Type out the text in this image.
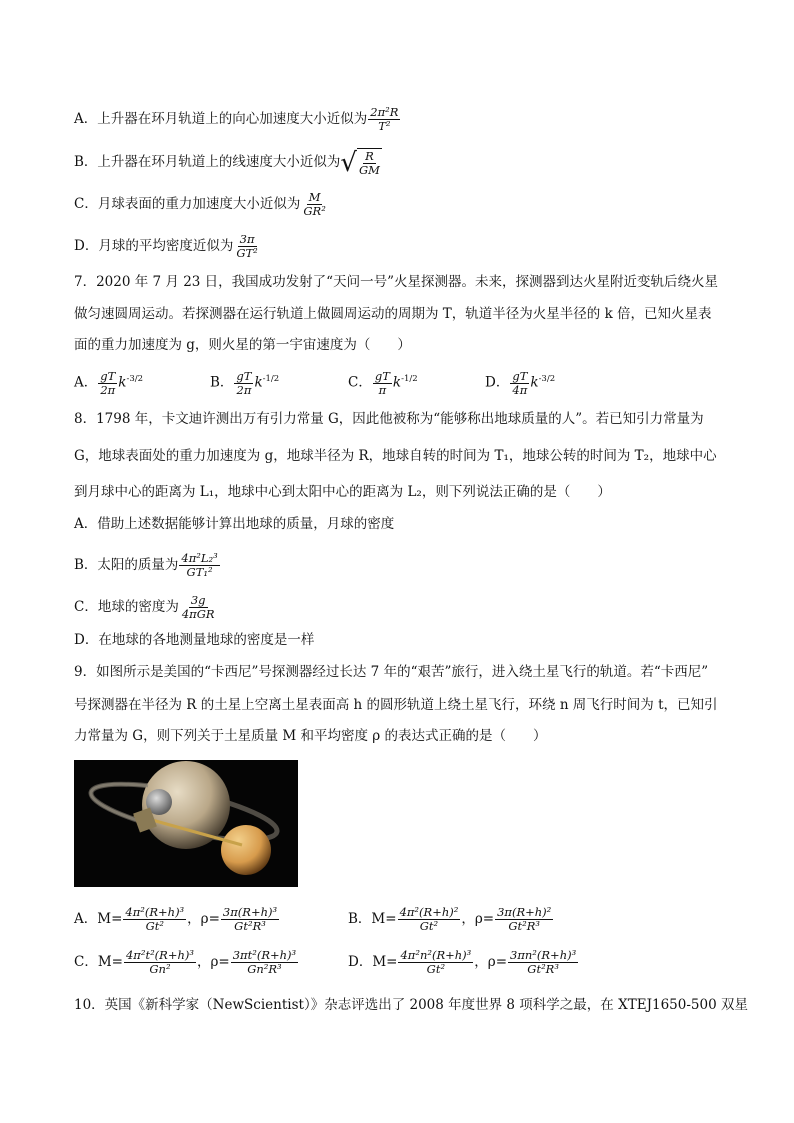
A．上升器在环月轨道上的向心加速度大小近似为 $\frac{\text{2π²R}}{\text{T²}}$
B．上升器在环月轨道上的线速度大小近似为 √ $\frac{R}{GM}$
C．月球表面的重力加速度大小近似为 $\frac{M}{\text{GR²}}$
D．月球的平均密度近似为 $\frac{3\pi}{\text{GT²}}$
7．2020 年 7 月 23 日，我国成功发射了“天问一号”火星探测器。未来，探测器到达火星附近变轨后绕火星
做匀速圆周运动。若探测器在运行轨道上做圆周运动的周期为 T，轨道半径为火星半径的 k 倍，已知火星表
面的重力加速度为 g，则火星的第一宇宙速度为（　　）
A． $\frac{gT}{2\pi} k^{-3/2}$	B． $\frac{gT}{2\pi} k^{-1/2}$	C． $\frac{gT}{\pi} k^{-1/2}$	D． $\frac{gT}{4\pi} k^{-3/2}$
8．1798 年，卡文迪许测出万有引力常量 G，因此他被称为“能够称出地球质量的人”。若已知引力常量为
G，地球表面处的重力加速度为 g，地球半径为 R，地球自转的时间为 T₁，地球公转的时间为 T₂，地球中心
到月球中心的距离为 L₁，地球中心到太阳中心的距离为 L₂，则下列说法正确的是（　　）
A．借助上述数据能够计算出地球的质量，月球的密度
B．太阳的质量为 $\frac{\text{4π²L₂³}}{\text{GT₁²}}$
C．地球的密度为 $\frac{3g}{\text{4πGR}}$
D．在地球的各地测量地球的密度是一样
9．如图所示是美国的“卡西尼”号探测器经过长达 7 年的“艰苦”旅行，进入绕土星飞行的轨道。若“卡西尼”
号探测器在半径为 R 的土星上空离土星表面高 h 的圆形轨道上绕土星飞行，环绕 n 周飞行时间为 t，已知引
力常量为 G，则下列关于土星质量 M 和平均密度 ρ 的表达式正确的是（　　）
A．$M= \frac{\text{4π²(R+h)³}}{\text{Gt²}}$ ，$\rho= \frac{\text{3π(R+h)³}}{\text{Gt²R³}}$	B．$M= \frac{\text{4π²(R+h)²}}{\text{Gt²}}$ ，$\rho= \frac{\text{3π(R+h)²}}{\text{Gt²R³}}$
C．$M= \frac{\text{4π²t²(R+h)³}}{\text{Gn²}}$ ，$\rho= \frac{\text{3πt²(R+h)³}}{\text{Gn²R³}}$	D．$M= \frac{\text{4π²n²(R+h)³}}{\text{Gt²}}$ ，$\rho= \frac{\text{3πn²(R+h)³}}{\text{Gt²R³}}$
10．英国《新科学家（NewScientist）》杂志评选出了 2008 年度世界 8 项科学之最，在 XTEJ1650-500 双星
